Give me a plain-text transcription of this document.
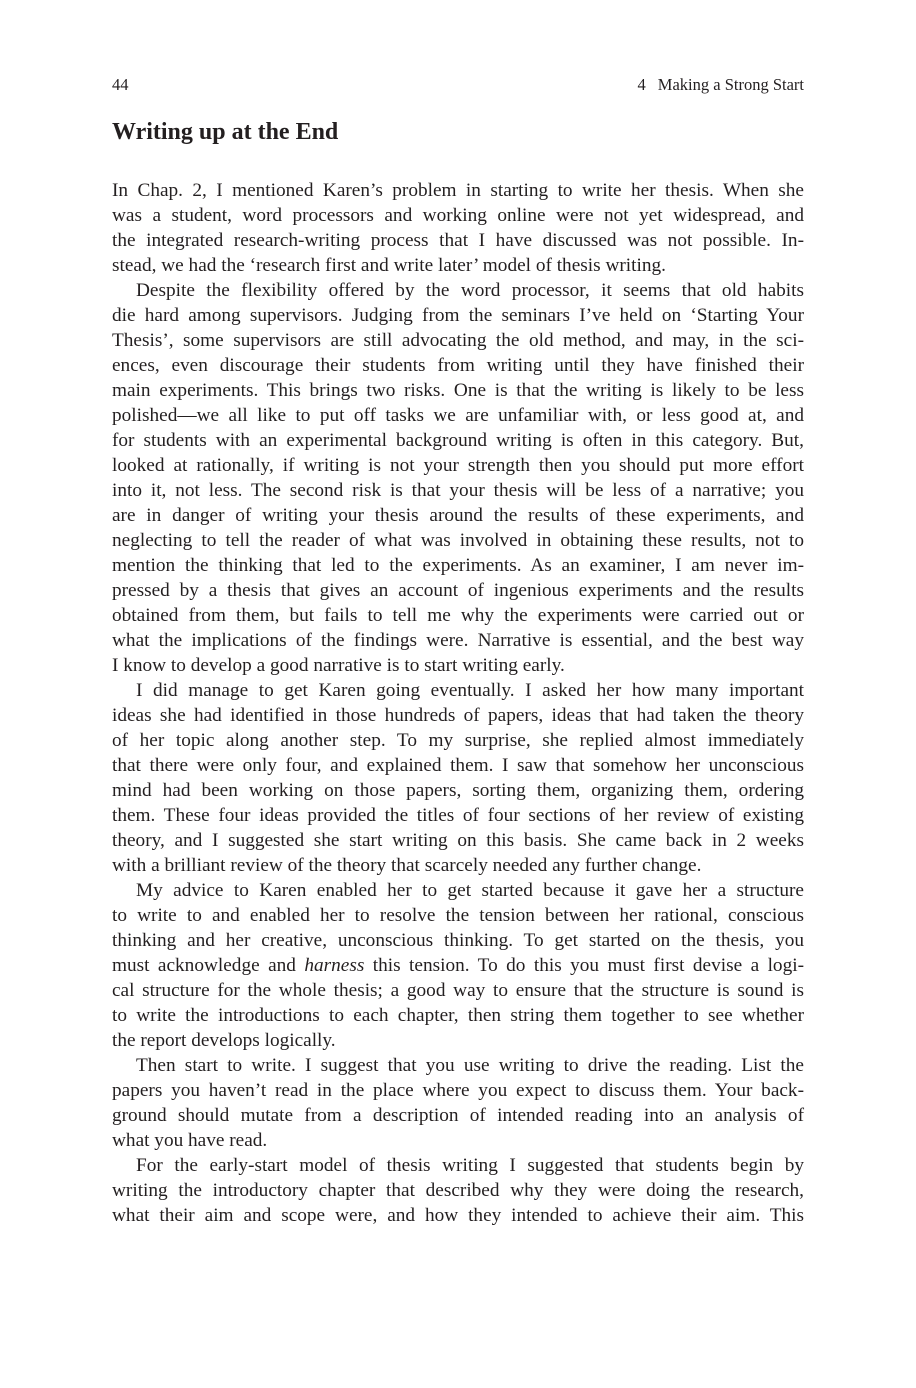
44	4 Making a Strong Start
Writing up at the End
In Chap. 2, I mentioned Karen’s problem in starting to write her thesis. When she
was a student, word processors and working online were not yet widespread, and
the integrated research-writing process that I have discussed was not possible. In-
stead, we had the ‘research first and write later’ model of thesis writing.
Despite the flexibility offered by the word processor, it seems that old habits
die hard among supervisors. Judging from the seminars I’ve held on ‘Starting Your
Thesis’, some supervisors are still advocating the old method, and may, in the sci-
ences, even discourage their students from writing until they have finished their
main experiments. This brings two risks. One is that the writing is likely to be less
polished—we all like to put off tasks we are unfamiliar with, or less good at, and
for students with an experimental background writing is often in this category. But,
looked at rationally, if writing is not your strength then you should put more effort
into it, not less. The second risk is that your thesis will be less of a narrative; you
are in danger of writing your thesis around the results of these experiments, and
neglecting to tell the reader of what was involved in obtaining these results, not to
mention the thinking that led to the experiments. As an examiner, I am never im-
pressed by a thesis that gives an account of ingenious experiments and the results
obtained from them, but fails to tell me why the experiments were carried out or
what the implications of the findings were. Narrative is essential, and the best way
I know to develop a good narrative is to start writing early.
I did manage to get Karen going eventually. I asked her how many important
ideas she had identified in those hundreds of papers, ideas that had taken the theory
of her topic along another step. To my surprise, she replied almost immediately
that there were only four, and explained them. I saw that somehow her unconscious
mind had been working on those papers, sorting them, organizing them, ordering
them. These four ideas provided the titles of four sections of her review of existing
theory, and I suggested she start writing on this basis. She came back in 2 weeks
with a brilliant review of the theory that scarcely needed any further change.
My advice to Karen enabled her to get started because it gave her a structure
to write to and enabled her to resolve the tension between her rational, conscious
thinking and her creative, unconscious thinking. To get started on the thesis, you
must acknowledge and harness this tension. To do this you must first devise a logi-
cal structure for the whole thesis; a good way to ensure that the structure is sound is
to write the introductions to each chapter, then string them together to see whether
the report develops logically.
Then start to write. I suggest that you use writing to drive the reading. List the
papers you haven’t read in the place where you expect to discuss them. Your back-
ground should mutate from a description of intended reading into an analysis of
what you have read.
For the early-start model of thesis writing I suggested that students begin by
writing the introductory chapter that described why they were doing the research,
what their aim and scope were, and how they intended to achieve their aim. This
